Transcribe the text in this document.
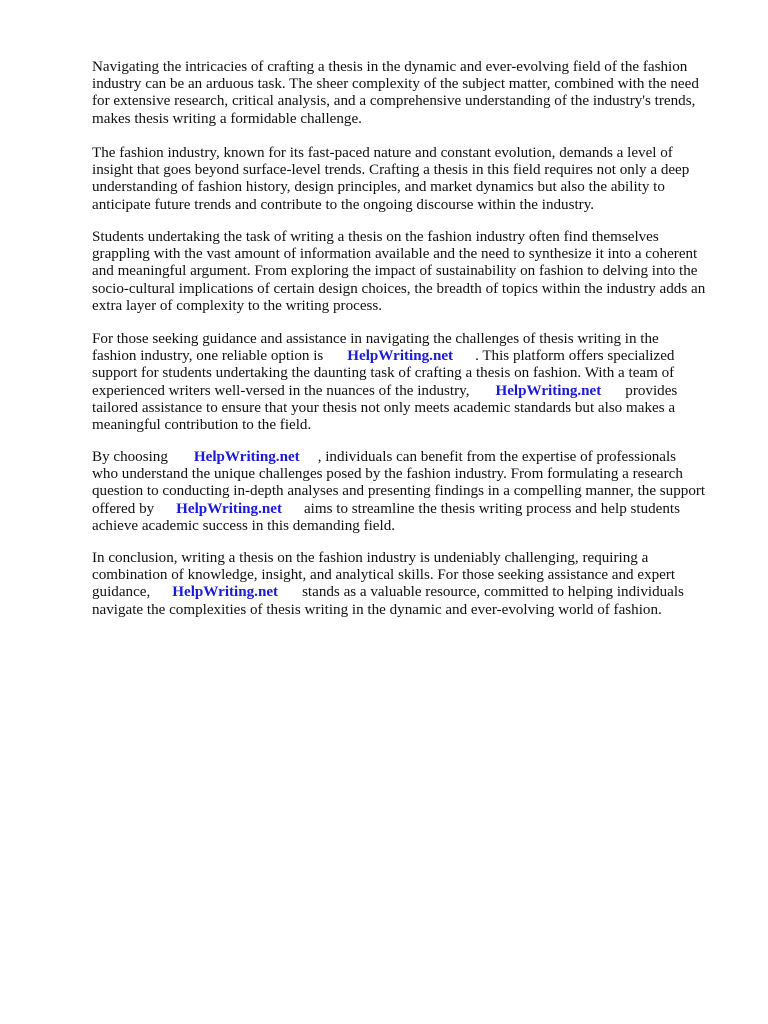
Navigating the intricacies of crafting a thesis in the dynamic and ever-evolving field of the fashion
industry can be an arduous task. The sheer complexity of the subject matter, combined with the need
for extensive research, critical analysis, and a comprehensive understanding of the industry's trends,
makes thesis writing a formidable challenge.
The fashion industry, known for its fast-paced nature and constant evolution, demands a level of
insight that goes beyond surface-level trends. Crafting a thesis in this field requires not only a deep
understanding of fashion history, design principles, and market dynamics but also the ability to
anticipate future trends and contribute to the ongoing discourse within the industry.
Students undertaking the task of writing a thesis on the fashion industry often find themselves
grappling with the vast amount of information available and the need to synthesize it into a coherent
and meaningful argument. From exploring the impact of sustainability on fashion to delving into the
socio-cultural implications of certain design choices, the breadth of topics within the industry adds an
extra layer of complexity to the writing process.
For those seeking guidance and assistance in navigating the challenges of thesis writing in the
fashion industry, one reliable option is HelpWriting.net . This platform offers specialized
support for students undertaking the daunting task of crafting a thesis on fashion. With a team of
experienced writers well-versed in the nuances of the industry, HelpWriting.net provides
tailored assistance to ensure that your thesis not only meets academic standards but also makes a
meaningful contribution to the field.
By choosing HelpWriting.net , individuals can benefit from the expertise of professionals
who understand the unique challenges posed by the fashion industry. From formulating a research
question to conducting in-depth analyses and presenting findings in a compelling manner, the support
offered by HelpWriting.net aims to streamline the thesis writing process and help students
achieve academic success in this demanding field.
In conclusion, writing a thesis on the fashion industry is undeniably challenging, requiring a
combination of knowledge, insight, and analytical skills. For those seeking assistance and expert
guidance, HelpWriting.net stands as a valuable resource, committed to helping individuals
navigate the complexities of thesis writing in the dynamic and ever-evolving world of fashion.
